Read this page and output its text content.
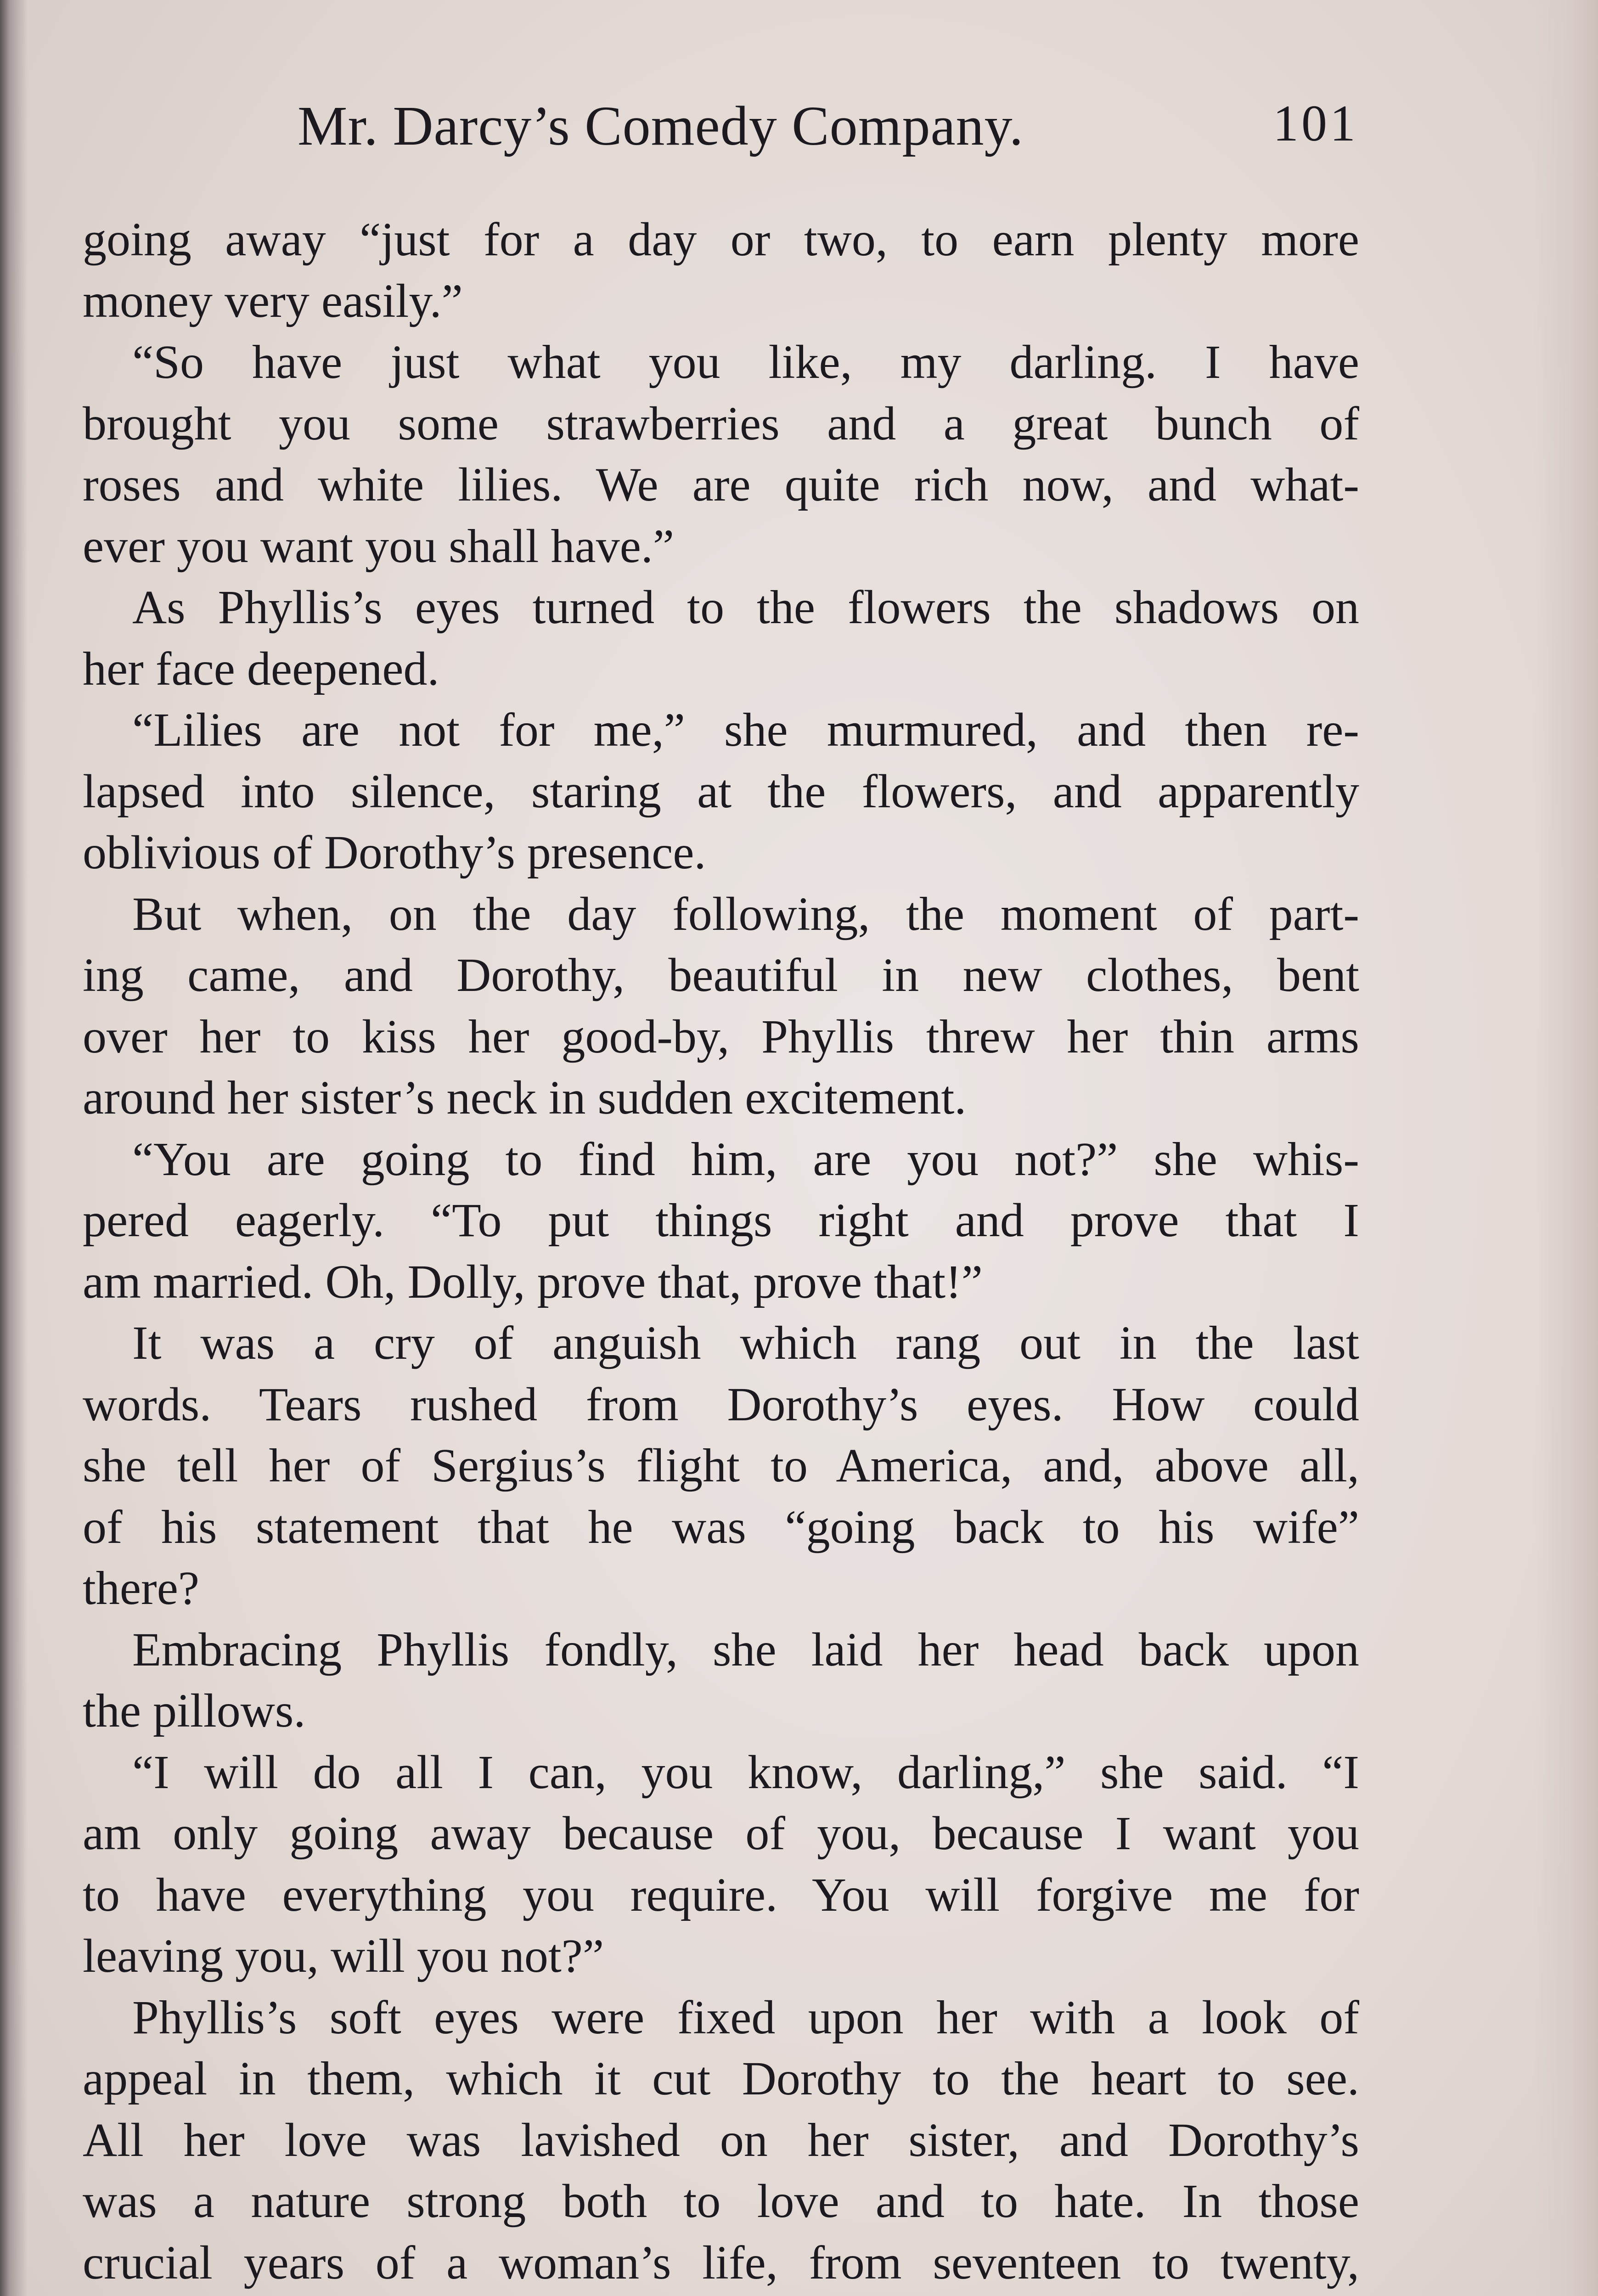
Mr. Darcy’s Comedy Company.	101
going away “just for a day or two, to earn plenty more
money very easily.”
“So have just what you like, my darling. I have
brought you some strawberries and a great bunch of
roses and white lilies. We are quite rich now, and what-
ever you want you shall have.”
As Phyllis’s eyes turned to the flowers the shadows on
her face deepened.
“Lilies are not for me,” she murmured, and then re-
lapsed into silence, staring at the flowers, and apparently
oblivious of Dorothy’s presence.
But when, on the day following, the moment of part-
ing came, and Dorothy, beautiful in new clothes, bent
over her to kiss her good-by, Phyllis threw her thin arms
around her sister’s neck in sudden excitement.
“You are going to find him, are you not?” she whis-
pered eagerly. “To put things right and prove that I
am married. Oh, Dolly, prove that, prove that!”
It was a cry of anguish which rang out in the last
words. Tears rushed from Dorothy’s eyes. How could
she tell her of Sergius’s flight to America, and, above all,
of his statement that he was “going back to his wife”
there?
Embracing Phyllis fondly, she laid her head back upon
the pillows.
“I will do all I can, you know, darling,” she said. “I
am only going away because of you, because I want you
to have everything you require. You will forgive me for
leaving you, will you not?”
Phyllis’s soft eyes were fixed upon her with a look of
appeal in them, which it cut Dorothy to the heart to see.
All her love was lavished on her sister, and Dorothy’s
was a nature strong both to love and to hate. In those
crucial years of a woman’s life, from seventeen to twenty,
